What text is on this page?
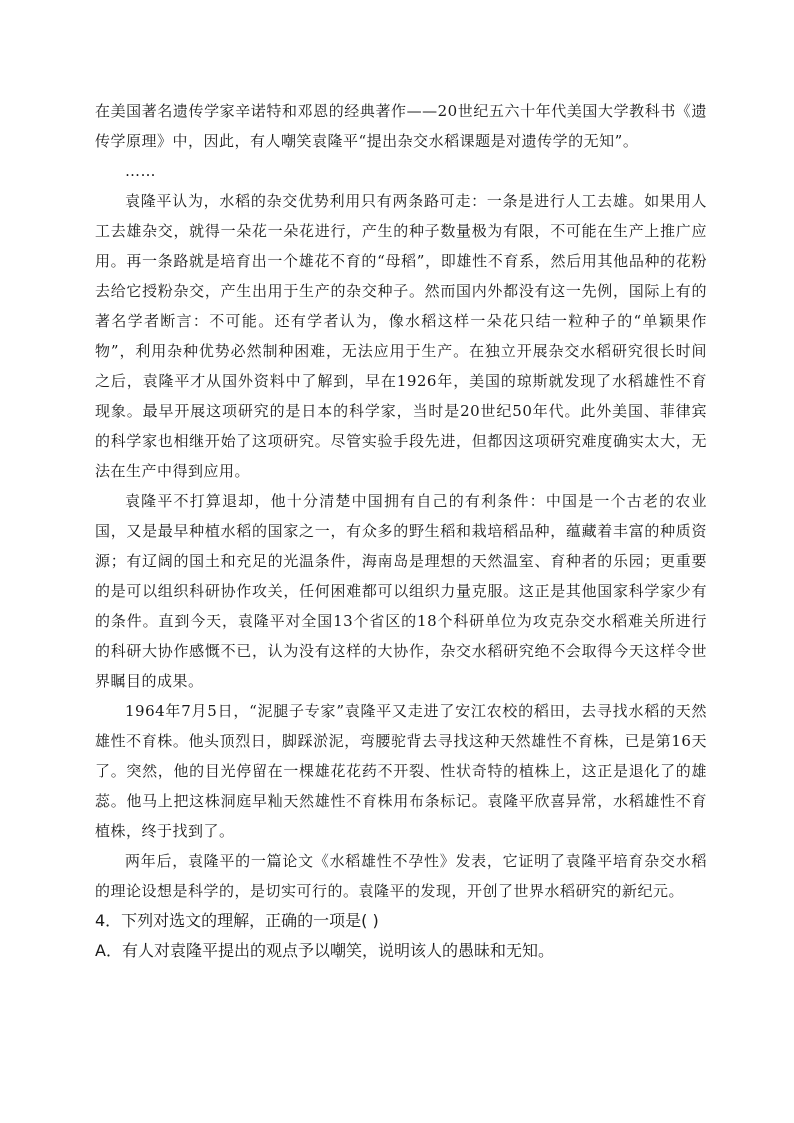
在美国著名遗传学家辛诺特和邓恩的经典著作——20世纪五六十年代美国大学教科书《遗传学原理》中，因此，有人嘲笑袁隆平“提出杂交水稻课题是对遗传学的无知”。

……

袁隆平认为，水稻的杂交优势利用只有两条路可走：一条是进行人工去雄。如果用人工去雄杂交，就得一朵花一朵花进行，产生的种子数量极为有限，不可能在生产上推广应用。再一条路就是培育出一个雄花不育的“母稻”，即雄性不育系，然后用其他品种的花粉去给它授粉杂交，产生出用于生产的杂交种子。然而国内外都没有这一先例，国际上有的著名学者断言：不可能。还有学者认为，像水稻这样一朵花只结一粒种子的“单颖果作物”，利用杂种优势必然制种困难，无法应用于生产。在独立开展杂交水稻研究很长时间之后，袁隆平才从国外资料中了解到，早在1926年，美国的琼斯就发现了水稻雄性不育现象。最早开展这项研究的是日本的科学家，当时是20世纪50年代。此外美国、菲律宾的科学家也相继开始了这项研究。尽管实验手段先进，但都因这项研究难度确实太大，无法在生产中得到应用。

袁隆平不打算退却，他十分清楚中国拥有自己的有利条件：中国是一个古老的农业国，又是最早种植水稻的国家之一，有众多的野生稻和栽培稻品种，蕴藏着丰富的种质资源；有辽阔的国土和充足的光温条件，海南岛是理想的天然温室、育种者的乐园；更重要的是可以组织科研协作攻关，任何困难都可以组织力量克服。这正是其他国家科学家少有的条件。直到今天，袁隆平对全国13个省区的18个科研单位为攻克杂交水稻难关所进行的科研大协作感慨不已，认为没有这样的大协作，杂交水稻研究绝不会取得今天这样令世界瞩目的成果。

1964年7月5日，“泥腿子专家”袁隆平又走进了安江农校的稻田，去寻找水稻的天然雄性不育株。他头顶烈日，脚踩淤泥，弯腰驼背去寻找这种天然雄性不育株，已是第16天了。突然，他的目光停留在一棵雄花花药不开裂、性状奇特的植株上，这正是退化了的雄蕊。他马上把这株洞庭早籼天然雄性不育株用布条标记。袁隆平欣喜异常，水稻雄性不育植株，终于找到了。

两年后，袁隆平的一篇论文《水稻雄性不孕性》发表，它证明了袁隆平培育杂交水稻的理论设想是科学的，是切实可行的。袁隆平的发现，开创了世界水稻研究的新纪元。

4．下列对选文的理解，正确的一项是( )

A．有人对袁隆平提出的观点予以嘲笑，说明该人的愚昧和无知。
